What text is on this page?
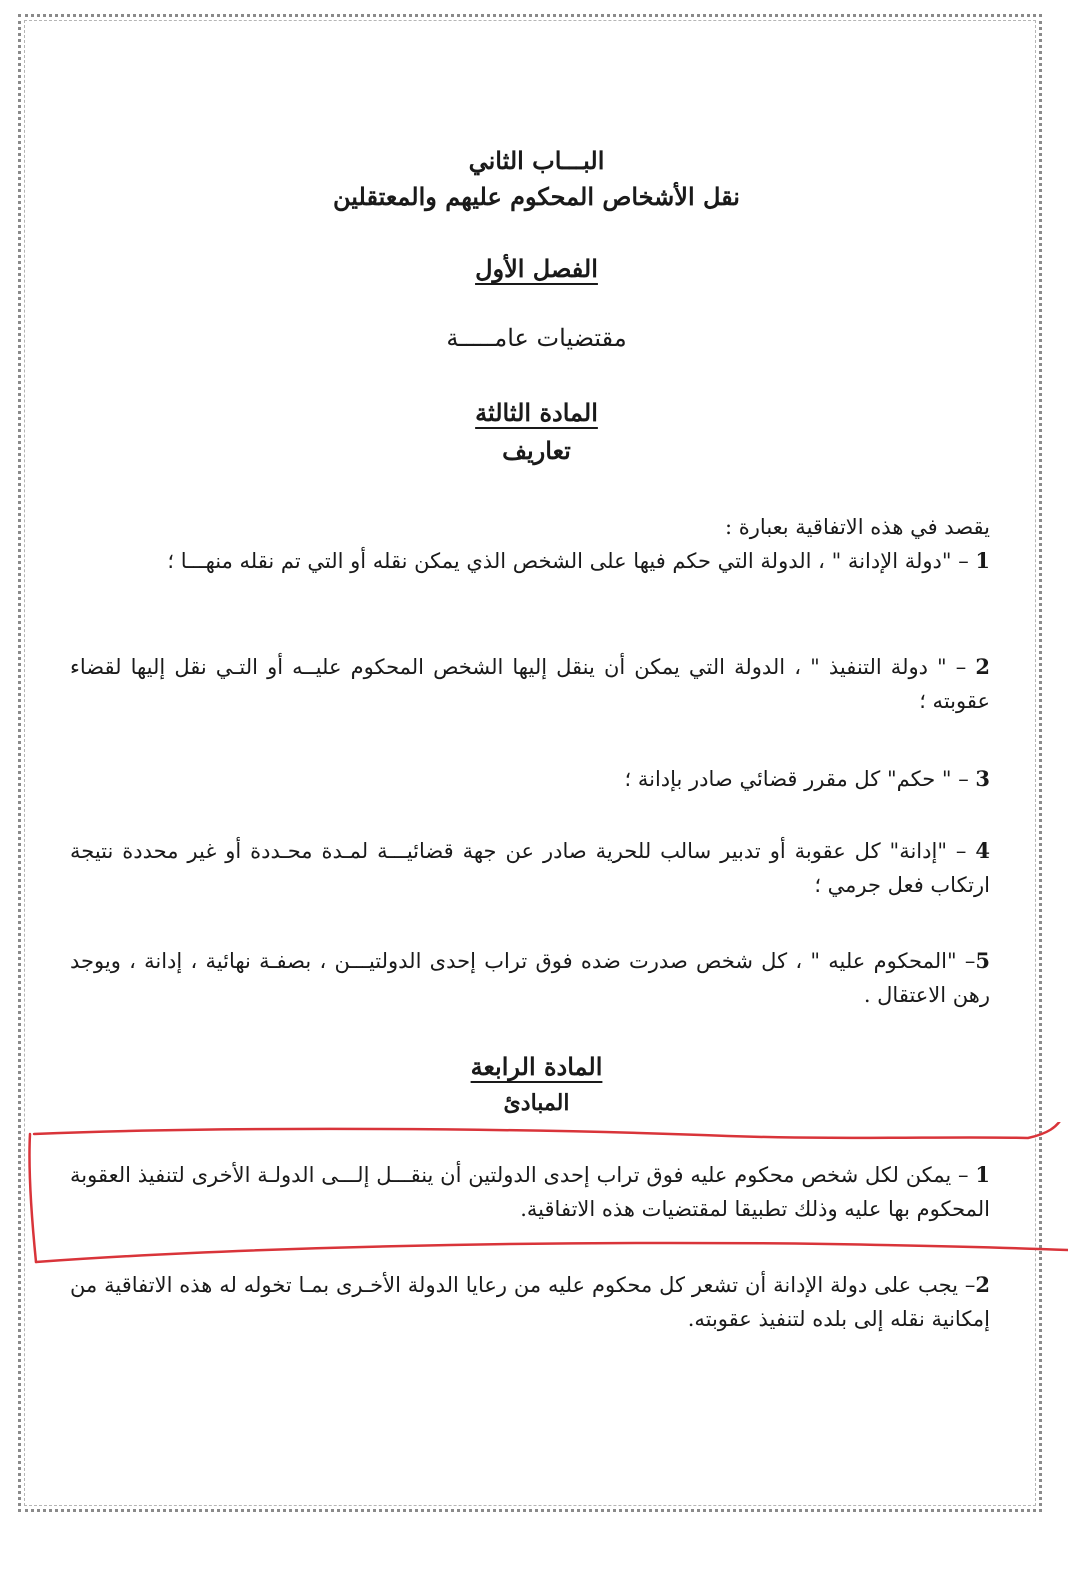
البـــاب الثاني
نقل الأشخاص المحكوم عليهم والمعتقلين
الفصل الأول
مقتضيات عامـــــة
المادة الثالثة
تعاريف
يقصد في هذه الاتفاقية بعبارة :
1 – "دولة الإدانة " ، الدولة التي حكم فيها على الشخص الذي يمكن نقله أو التي تم نقله منهـــا ؛
2 – " دولة التنفيذ " ، الدولة التي يمكن أن ينقل إليها الشخص المحكوم عليــه أو التـي نقل إليها لقضاء عقوبته ؛
3 – " حكم" كل مقرر قضائي صادر بإدانة ؛
4 – "إدانة" كل عقوبة أو تدبير سالب للحرية صادر عن جهة قضائيـــة لمـدة محـددة أو غير محددة نتيجة ارتكاب فعل جرمي ؛
5– "المحكوم عليه " ، كل شخص صدرت ضده فوق تراب إحدى الدولتيـــن ، بصفـة نهائية ، إدانة ، ويوجد رهن الاعتقال .
المادة الرابعة
المبادئ
1 – يمكن لكل شخص محكوم عليه فوق تراب إحدى الدولتين أن ينقـــل إلـــى الدولـة الأخرى لتنفيذ العقوبة المحكوم بها عليه وذلك تطبيقا لمقتضيات هذه الاتفاقية.
2– يجب على دولة الإدانة أن تشعر كل محكوم عليه من رعايا الدولة الأخـرى بمـا تخوله له هذه الاتفاقية من إمكانية نقله إلى بلده لتنفيذ عقوبته.
